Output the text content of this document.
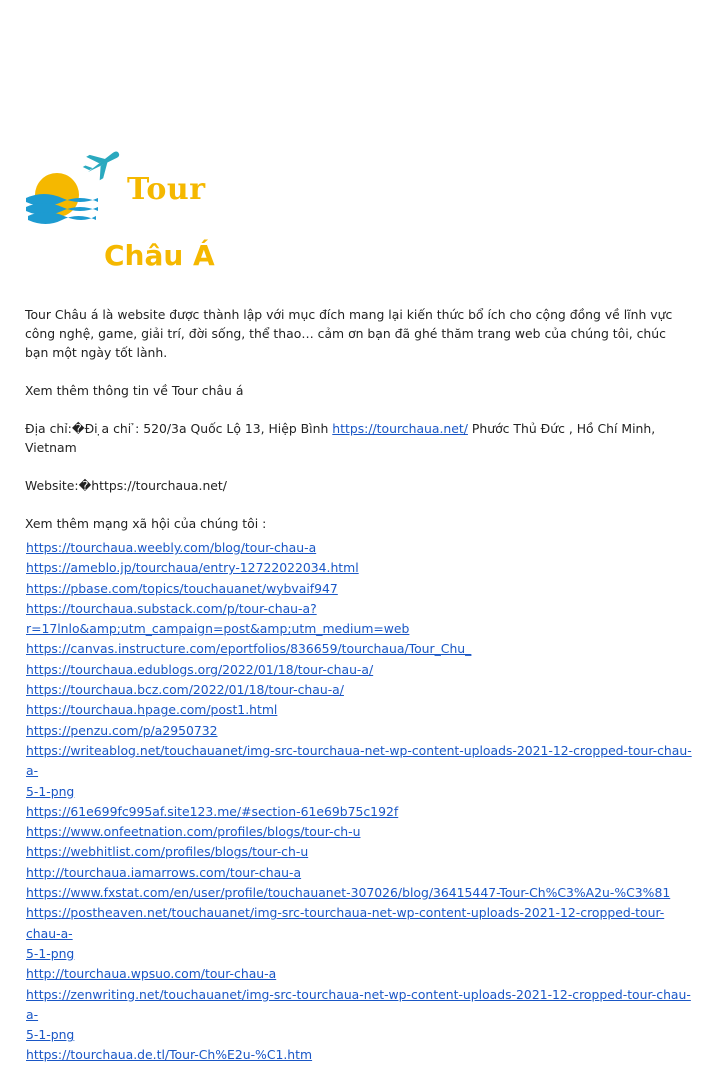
Tour
Châu Á

Tour Châu á là website được thành lập với mục đích mang lại kiến thức bổ ích cho cộng đồng về lĩnh vực công nghệ, game, giải trí, đời sống, thể thao… cảm ơn bạn đã ghé thăm trang web của chúng tôi, chúc bạn một ngày tốt lành.

Xem thêm thông tin về Tour châu á

Địa chỉ:�Đi ̣a chi ̉: 520/3a Quốc Lộ 13, Hiệp Bình https://tourchaua.net/ Phước Thủ Đức , Hồ Chí Minh, Vietnam

Website:�https://tourchaua.net/

Xem thêm mạng xã hội của chúng tôi :

https://tourchaua.weebly.com/blog/tour-chau-a
https://ameblo.jp/tourchaua/entry-12722022034.html
https://pbase.com/topics/touchauanet/wybvaif947
https://tourchaua.substack.com/p/tour-chau-a?r=17lnlo&amp;utm_campaign=post&amp;utm_medium=web
https://canvas.instructure.com/eportfolios/836659/tourchaua/Tour_Chu_
https://tourchaua.edublogs.org/2022/01/18/tour-chau-a/
https://tourchaua.bcz.com/2022/01/18/tour-chau-a/
https://tourchaua.hpage.com/post1.html
https://penzu.com/p/a2950732
https://writeablog.net/touchauanet/img-src-tourchaua-net-wp-content-uploads-2021-12-cropped-tour-chau-a-
5-1-png
https://61e699fc995af.site123.me/#section-61e69b75c192f
https://www.onfeetnation.com/profiles/blogs/tour-ch-u
https://webhitlist.com/profiles/blogs/tour-ch-u
http://tourchaua.iamarrows.com/tour-chau-a
https://www.fxstat.com/en/user/profile/touchauanet-307026/blog/36415447-Tour-Ch%C3%A2u-%C3%81
https://postheaven.net/touchauanet/img-src-tourchaua-net-wp-content-uploads-2021-12-cropped-tour-chau-a-
5-1-png
http://tourchaua.wpsuo.com/tour-chau-a
https://zenwriting.net/touchauanet/img-src-tourchaua-net-wp-content-uploads-2021-12-cropped-tour-chau-a-
5-1-png
https://tourchaua.de.tl/Tour-Ch%E2u-%C1.htm
